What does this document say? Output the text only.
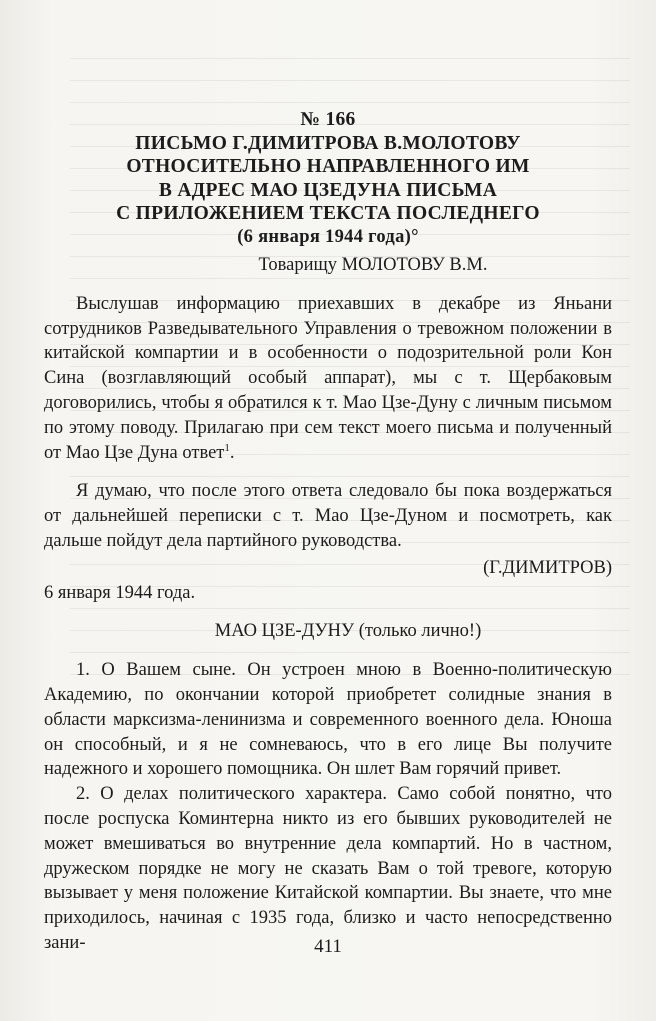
№ 166
ПИСЬМО Г.ДИМИТРОВА В.МОЛОТОВУ
ОТНОСИТЕЛЬНО НАПРАВЛЕННОГО ИМ
В АДРЕС МАО ЦЗЕДУНА ПИСЬМА
С ПРИЛОЖЕНИЕМ ТЕКСТА ПОСЛЕДНЕГО
(6 января 1944 года)°
Товарищу МОЛОТОВУ В.М.

Выслушав информацию приехавших в декабре из Яньани сотрудников Разведывательного Управления о тревожном положении в китайской компартии и в особенности о подозрительной роли Кон Сина (возглавляющий особый аппарат), мы с т. Щербаковым договорились, чтобы я обратился к т. Мао Цзе-Дуну с личным письмом по этому поводу. Прилагаю при сем текст моего письма и полученный от Мао Цзе Дуна ответ$^1$.

Я думаю, что после этого ответа следовало бы пока воздержаться от дальнейшей переписки с т. Мао Цзе-Дуном и посмотреть, как дальше пойдут дела партийного руководства.

(Г.ДИМИТРОВ)

6 января 1944 года.

МАО ЦЗЕ-ДУНУ (только лично!)

1. О Вашем сыне. Он устроен мною в Военно-политическую Академию, по окончании которой приобретет солидные знания в области марксизма-ленинизма и современного военного дела. Юноша он способный, и я не сомневаюсь, что в его лице Вы получите надежного и хорошего помощника. Он шлет Вам горячий привет.

2. О делах политического характера. Само собой понятно, что после роспуска Коминтерна никто из его бывших руководителей не может вмешиваться во внутренние дела компартий. Но в частном, дружеском порядке не могу не сказать Вам о той тревоге, которую вызывает у меня положение Китайской компартии. Вы знаете, что мне приходилось, начиная с 1935 года, близко и часто непосредственно зани-	411
